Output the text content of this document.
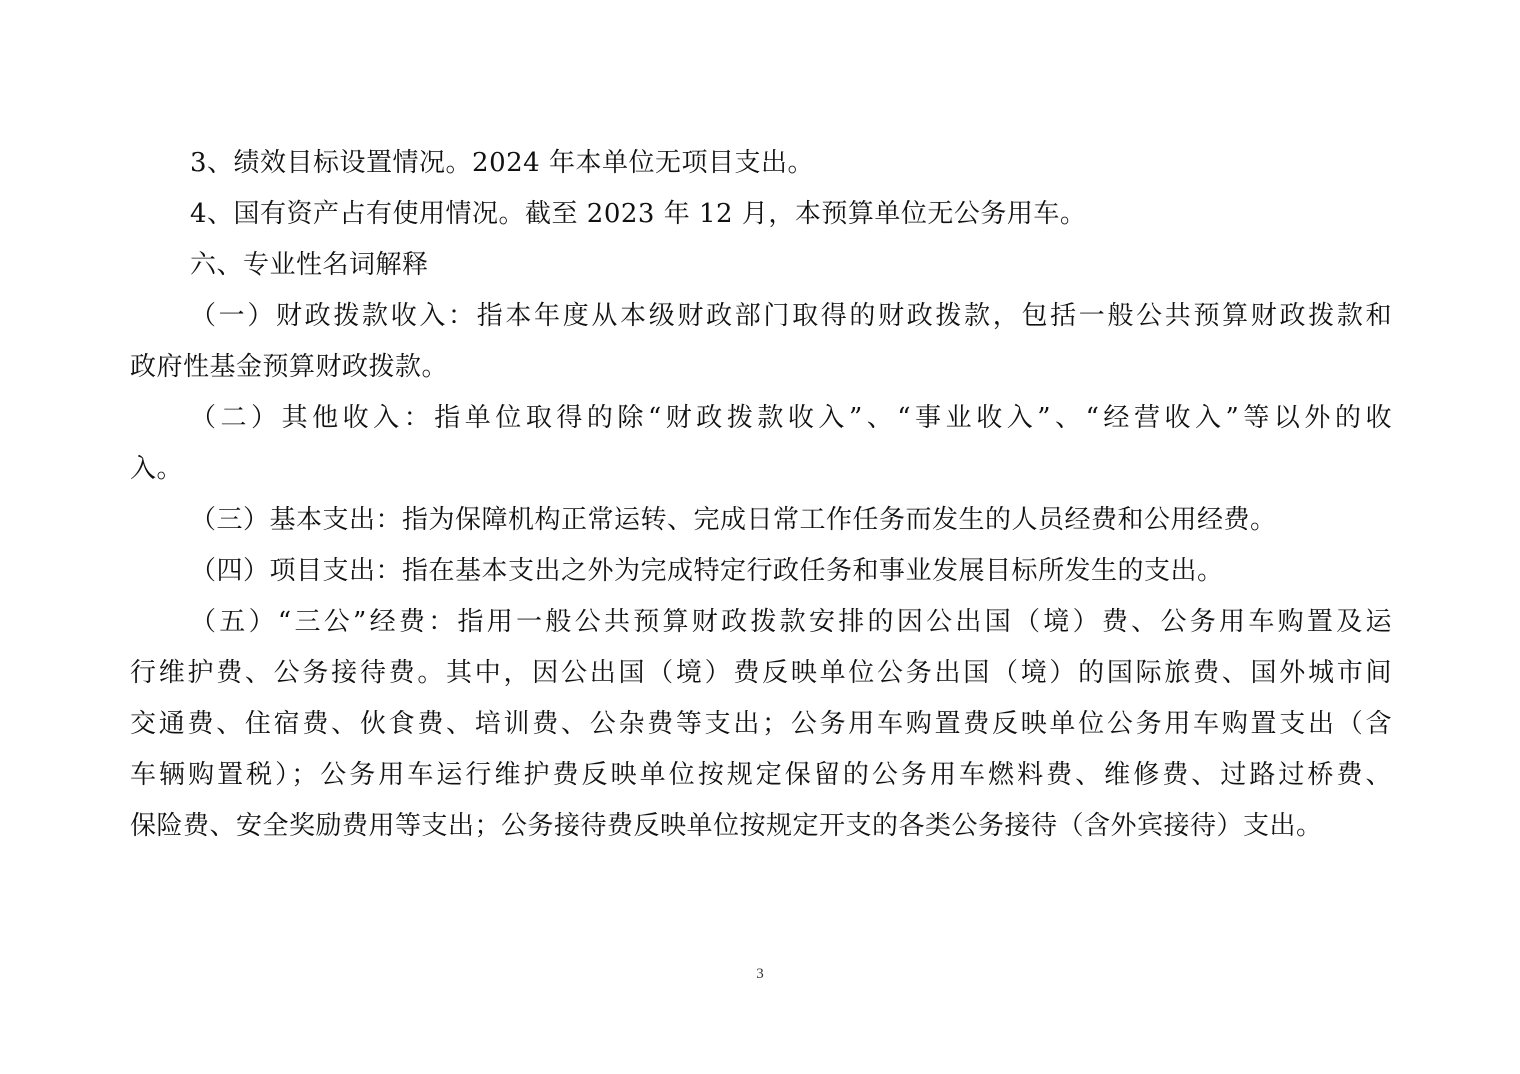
3、绩效目标设置情况。2024 年本单位无项目支出。

4、国有资产占有使用情况。截至 2023 年 12 月，本预算单位无公务用车。

六、专业性名词解释

（一）财政拨款收入：指本年度从本级财政部门取得的财政拨款，包括一般公共预算财政拨款和
政府性基金预算财政拨款。

（二）其他收入：指单位取得的除“财政拨款收入”、“事业收入”、“经营收入”等以外的收
入。

（三）基本支出：指为保障机构正常运转、完成日常工作任务而发生的人员经费和公用经费。

（四）项目支出：指在基本支出之外为完成特定行政任务和事业发展目标所发生的支出。

（五）“三公”经费：指用一般公共预算财政拨款安排的因公出国（境）费、公务用车购置及运
行维护费、公务接待费。其中，因公出国（境）费反映单位公务出国（境）的国际旅费、国外城市间
交通费、住宿费、伙食费、培训费、公杂费等支出；公务用车购置费反映单位公务用车购置支出（含
车辆购置税）；公务用车运行维护费反映单位按规定保留的公务用车燃料费、维修费、过路过桥费、
保险费、安全奖励费用等支出；公务接待费反映单位按规定开支的各类公务接待（含外宾接待）支出。

3
